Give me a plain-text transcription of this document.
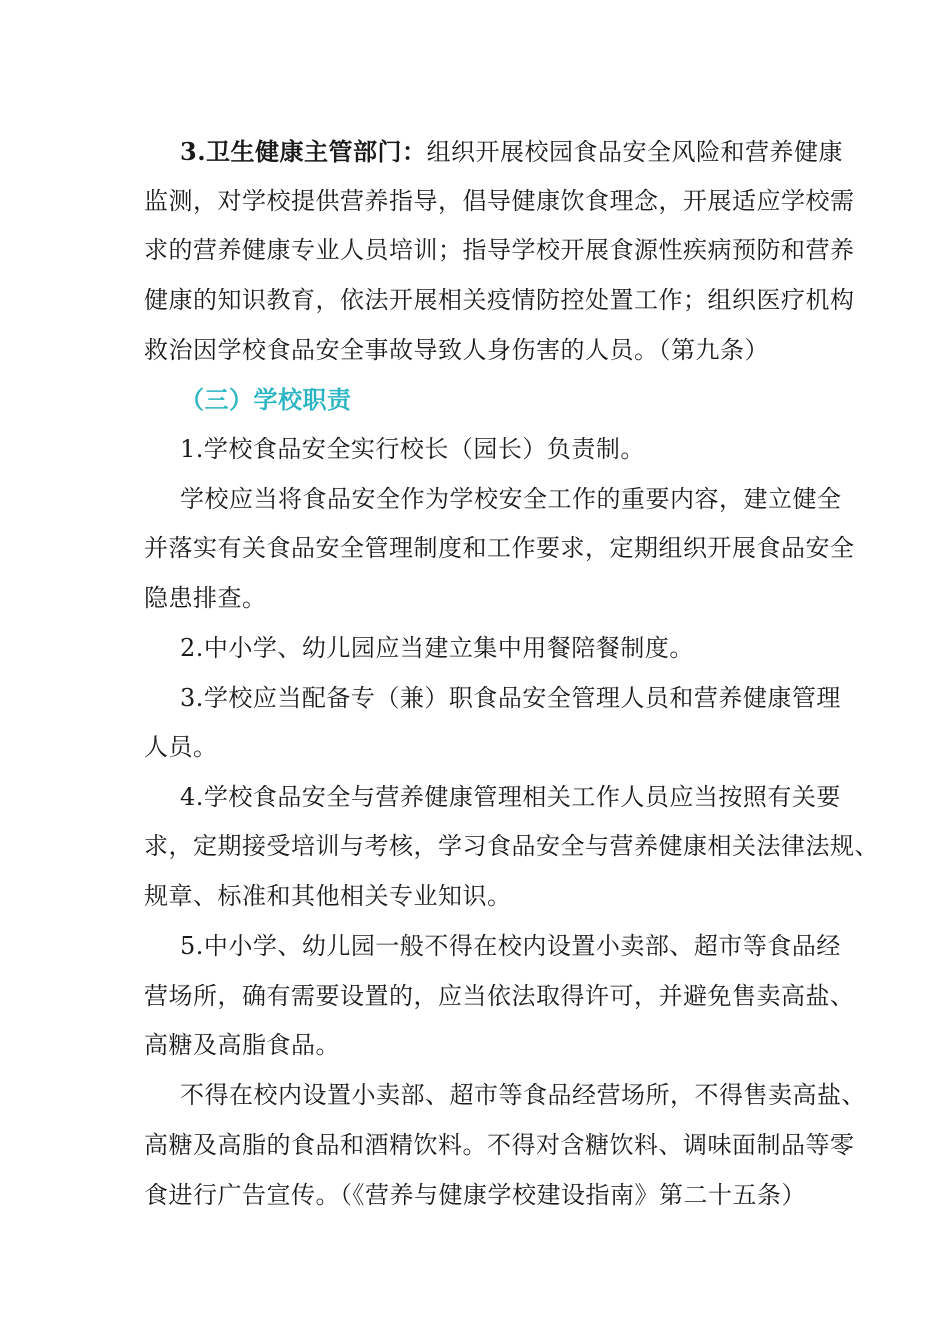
3.卫生健康主管部门：组织开展校园食品安全风险和营养健康
监测，对学校提供营养指导，倡导健康饮食理念，开展适应学校需
求的营养健康专业人员培训；指导学校开展食源性疾病预防和营养
健康的知识教育，依法开展相关疫情防控处置工作；组织医疗机构
救治因学校食品安全事故导致人身伤害的人员。（第九条）
（三）学校职责
1.学校食品安全实行校长（园长）负责制。
学校应当将食品安全作为学校安全工作的重要内容，建立健全
并落实有关食品安全管理制度和工作要求，定期组织开展食品安全
隐患排查。
2.中小学、幼儿园应当建立集中用餐陪餐制度。
3.学校应当配备专（兼）职食品安全管理人员和营养健康管理
人员。
4.学校食品安全与营养健康管理相关工作人员应当按照有关要
求，定期接受培训与考核，学习食品安全与营养健康相关法律法规、
规章、标准和其他相关专业知识。
5.中小学、幼儿园一般不得在校内设置小卖部、超市等食品经
营场所，确有需要设置的，应当依法取得许可，并避免售卖高盐、
高糖及高脂食品。
不得在校内设置小卖部、超市等食品经营场所，不得售卖高盐、
高糖及高脂的食品和酒精饮料。不得对含糖饮料、调味面制品等零
食进行广告宣传。（《营养与健康学校建设指南》第二十五条）
